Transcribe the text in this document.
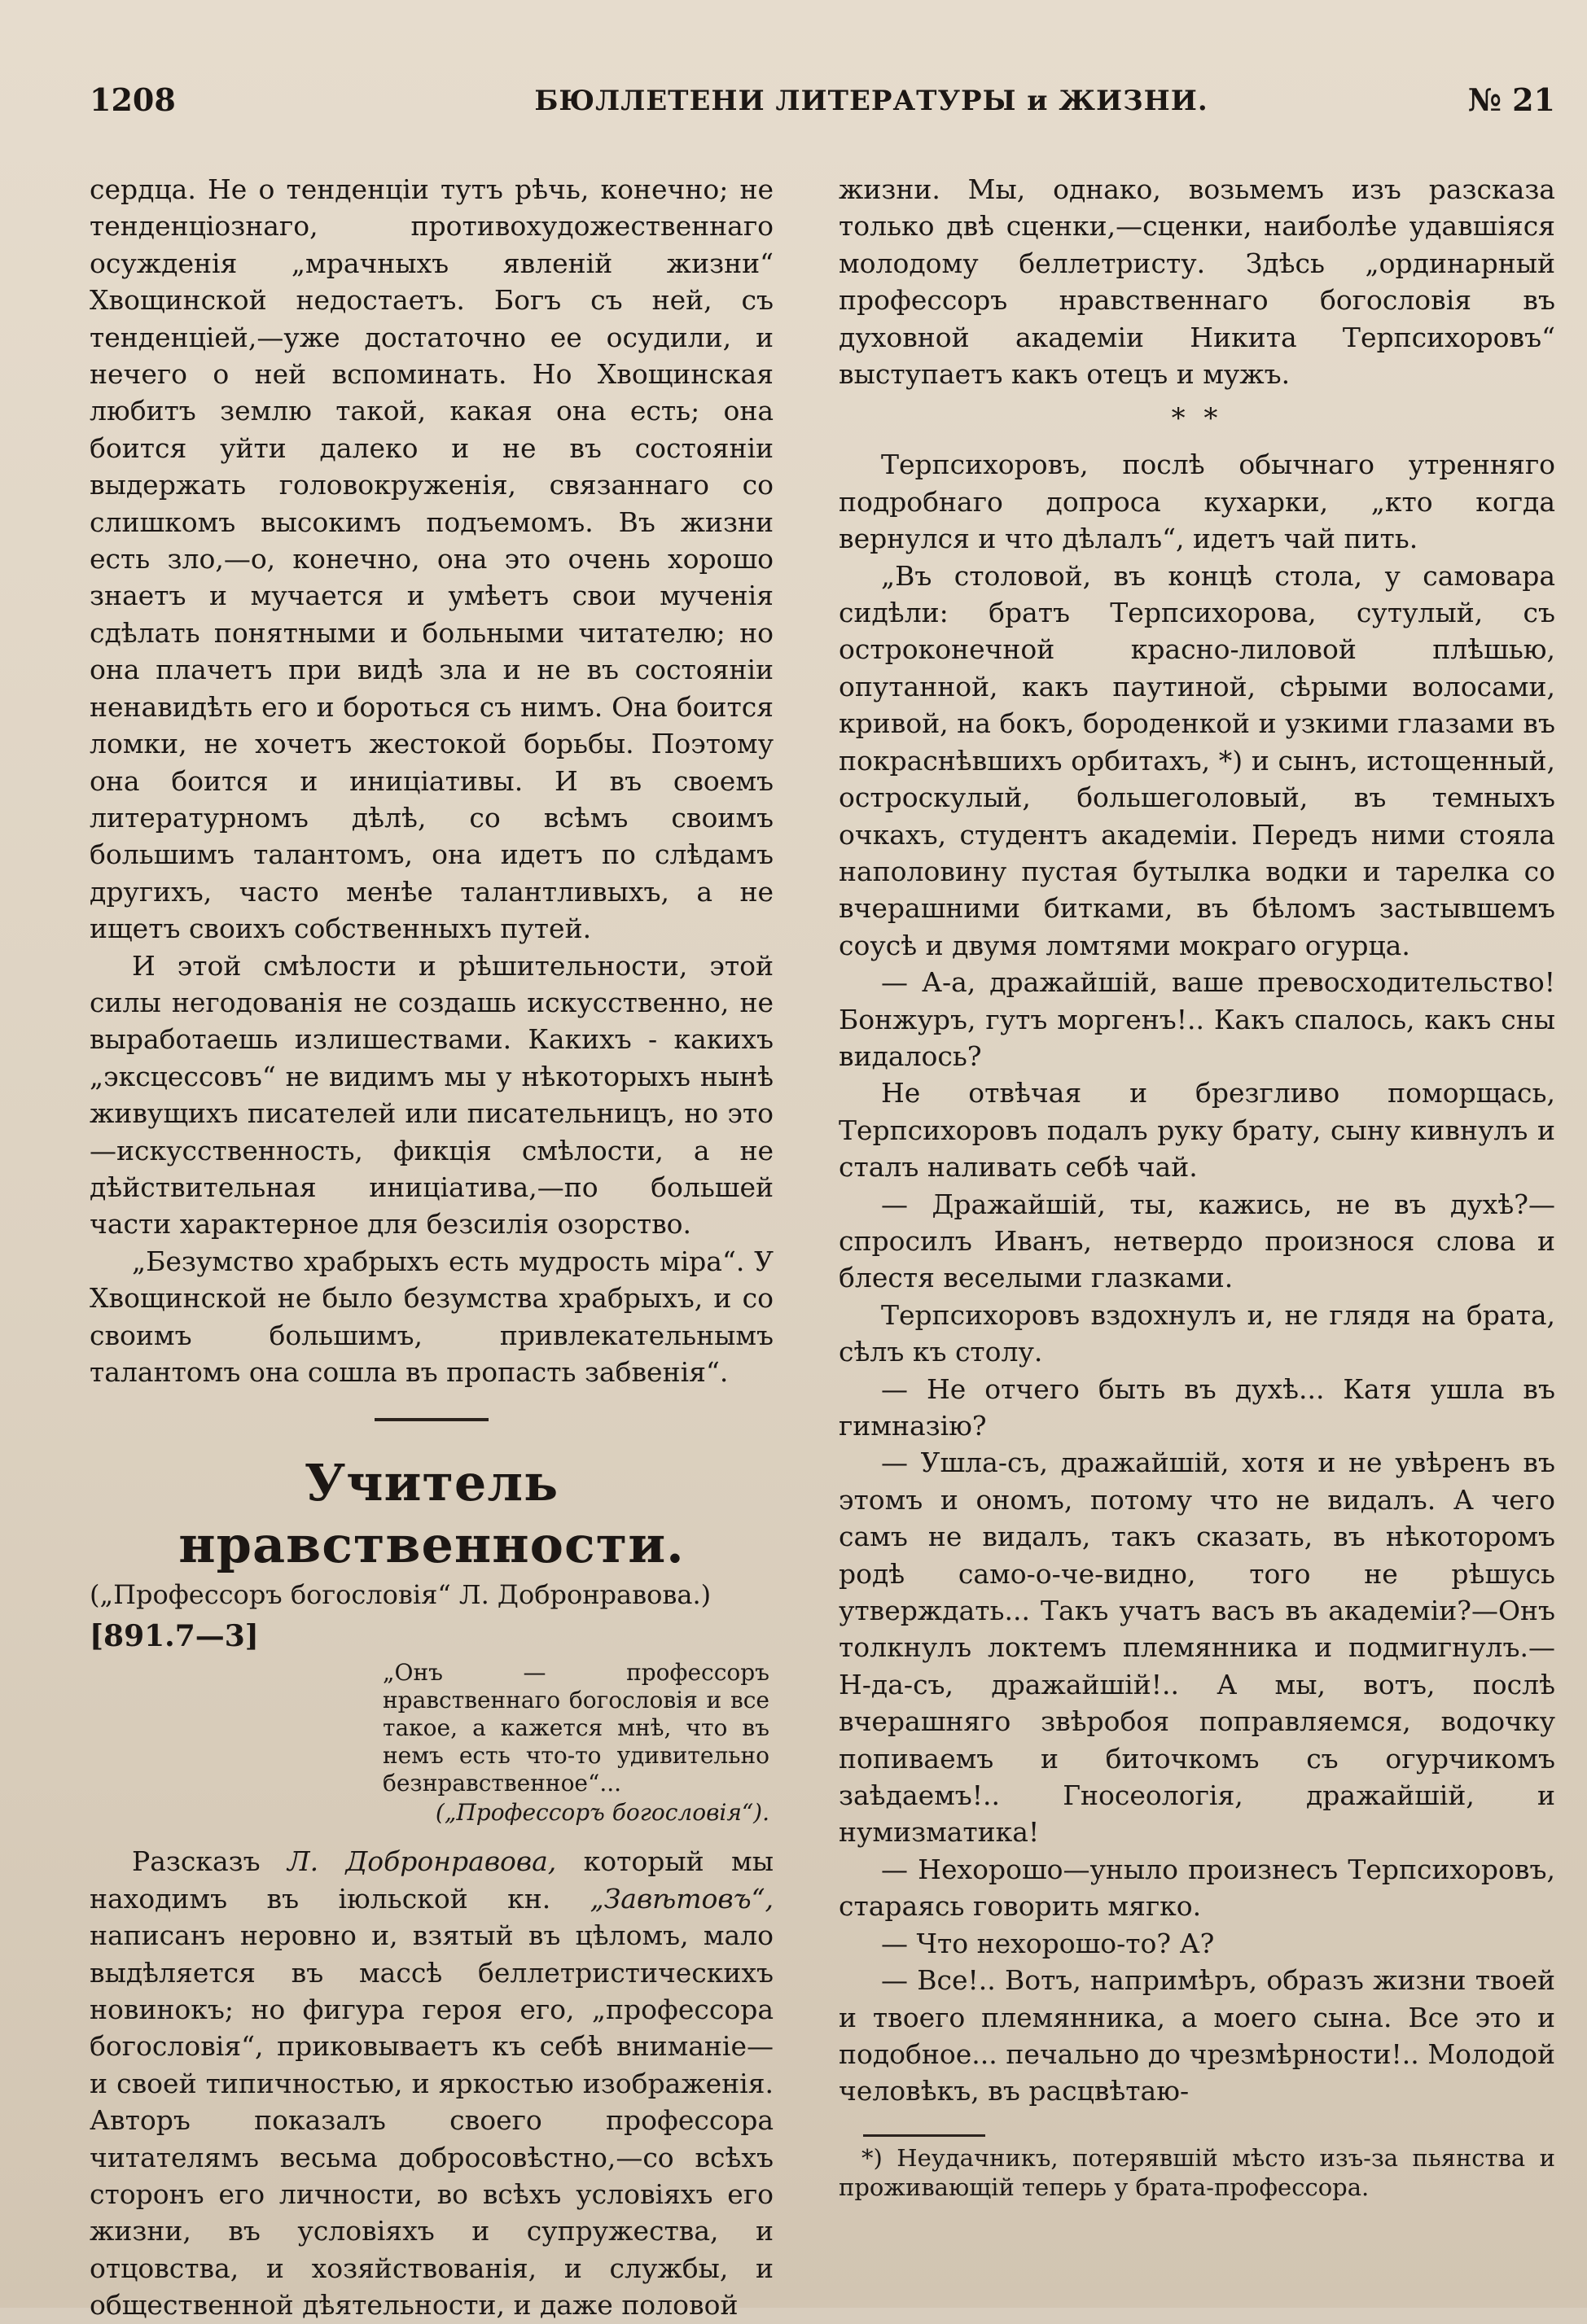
1208	БЮЛЛЕТЕНИ ЛИТЕРАТУРЫ и ЖИЗНИ.	№ 21

сердца. Не о тенденціи тутъ рѣчь, конечно; не тенденціознаго, противохудожественнаго осужденія „мрачныхъ явленій жизни“ Хвощинской недостаетъ. Богъ съ ней, съ тенденціей,—уже достаточно ее осудили, и нечего о ней вспоминать. Но Хвощинская любитъ землю такой, какая она есть; она боится уйти далеко и не въ состояніи выдержать головокруженія, связаннаго со слишкомъ высокимъ подъемомъ. Въ жизни есть зло,—о, конечно, она это очень хорошо знаетъ и мучается и умѣетъ свои мученія сдѣлать понятными и больными читателю; но она плачетъ при видѣ зла и не въ состояніи ненавидѣть его и бороться съ нимъ. Она боится ломки, не хочетъ жестокой борьбы. Поэтому она боится и иниціативы. И въ своемъ литературномъ дѣлѣ, со всѣмъ своимъ большимъ талантомъ, она идетъ по слѣдамъ другихъ, часто менѣе талантливыхъ, а не ищетъ своихъ собственныхъ путей.

И этой смѣлости и рѣшительности, этой силы негодованія не создашь искусственно, не выработаешь излишествами. Какихъ - какихъ „эксцессовъ“ не видимъ мы у нѣкоторыхъ нынѣ живущихъ писателей или писательницъ, но это—искусственность, фикція смѣлости, а не дѣйствительная иниціатива,—по большей части характерное для безсилія озорство.

„Безумство храбрыхъ есть мудрость міра“. У Хвощинской не было безумства храбрыхъ, и со своимъ большимъ, привлекательнымъ талантомъ она сошла въ пропасть забвенія“.

Учитель нравственности.

(„Профессоръ богословія“ Л. Добронравова.)

[891.7—3]

„Онъ — профессоръ нравственнаго богословія и все такое, а кажется мнѣ, что въ немъ есть что-то удивительно безнравственное“...
(„Профессоръ богословія“).

Разсказъ Л. Добронравова, который мы находимъ въ іюльской кн. „Завѣтовъ“, написанъ неровно и, взятый въ цѣломъ, мало выдѣляется въ массѣ беллетристическихъ новинокъ; но фигура героя его, „профессора богословія“, приковываетъ къ себѣ вниманіе— и своей типичностью, и яркостью изображенія. Авторъ показалъ своего профессора читателямъ весьма добросовѣстно,—со всѣхъ сторонъ его личности, во всѣхъ условіяхъ его жизни, въ условіяхъ и супружества, и отцовства, и хозяйствованія, и службы, и общественной дѣятельности, и даже половой

жизни. Мы, однако, возьмемъ изъ разсказа только двѣ сценки,—сценки, наиболѣе удавшіяся молодому беллетристу. Здѣсь „ординарный профессоръ нравственнаго богословія въ духовной академіи Никита Терпсихоровъ“ выступаетъ какъ отецъ и мужъ.

* *

Терпсихоровъ, послѣ обычнаго утренняго подробнаго допроса кухарки, „кто когда вернулся и что дѣлалъ“, идетъ чай пить.

„Въ столовой, въ концѣ стола, у самовара сидѣли: братъ Терпсихорова, сутулый, съ остроконечной красно-лиловой плѣшью, опутанной, какъ паутиной, сѣрыми волосами, кривой, на бокъ, бороденкой и узкими глазами въ покраснѣвшихъ орбитахъ, *) и сынъ, истощенный, остроскулый, большеголовый, въ темныхъ очкахъ, студентъ академіи. Передъ ними стояла наполовину пустая бутылка водки и тарелка со вчерашними битками, въ бѣломъ застывшемъ соусѣ и двумя ломтями мокраго огурца.

— А-а, дражайшій, ваше превосходительство! Бонжуръ, гутъ моргенъ!.. Какъ спалось, какъ сны видалось?

Не отвѣчая и брезгливо поморщась, Терпсихоровъ подалъ руку брату, сыну кивнулъ и сталъ наливать себѣ чай.

— Дражайшій, ты, кажись, не въ духѣ?— спросилъ Иванъ, нетвердо произнося слова и блестя веселыми глазками.

Терпсихоровъ вздохнулъ и, не глядя на брата, сѣлъ къ столу.

— Не отчего быть въ духѣ... Катя ушла въ гимназію?

— Ушла-съ, дражайшій, хотя и не увѣренъ въ этомъ и ономъ, потому что не видалъ. А чего самъ не видалъ, такъ сказать, въ нѣкоторомъ родѣ само-о-че-видно, того не рѣшусь утверждать... Такъ учатъ васъ въ академіи?—Онъ толкнулъ локтемъ племянника и подмигнулъ.—Н-да-съ, дражайшій!.. А мы, вотъ, послѣ вчерашняго звѣробоя поправляемся, водочку попиваемъ и биточкомъ съ огурчикомъ заѣдаемъ!.. Гносеологія, дражайшій, и нумизматика!

— Нехорошо—уныло произнесъ Терпсихоровъ, стараясь говорить мягко.

— Что нехорошо-то? А?

— Все!.. Вотъ, напримѣръ, образъ жизни твоей и твоего племянника, а моего сына. Все это и подобное... печально до чрезмѣрности!.. Молодой человѣкъ, въ расцвѣтаю-

*) Неудачникъ, потерявшій мѣсто изъ-за пьянства и проживающій теперь у брата-профессора.
